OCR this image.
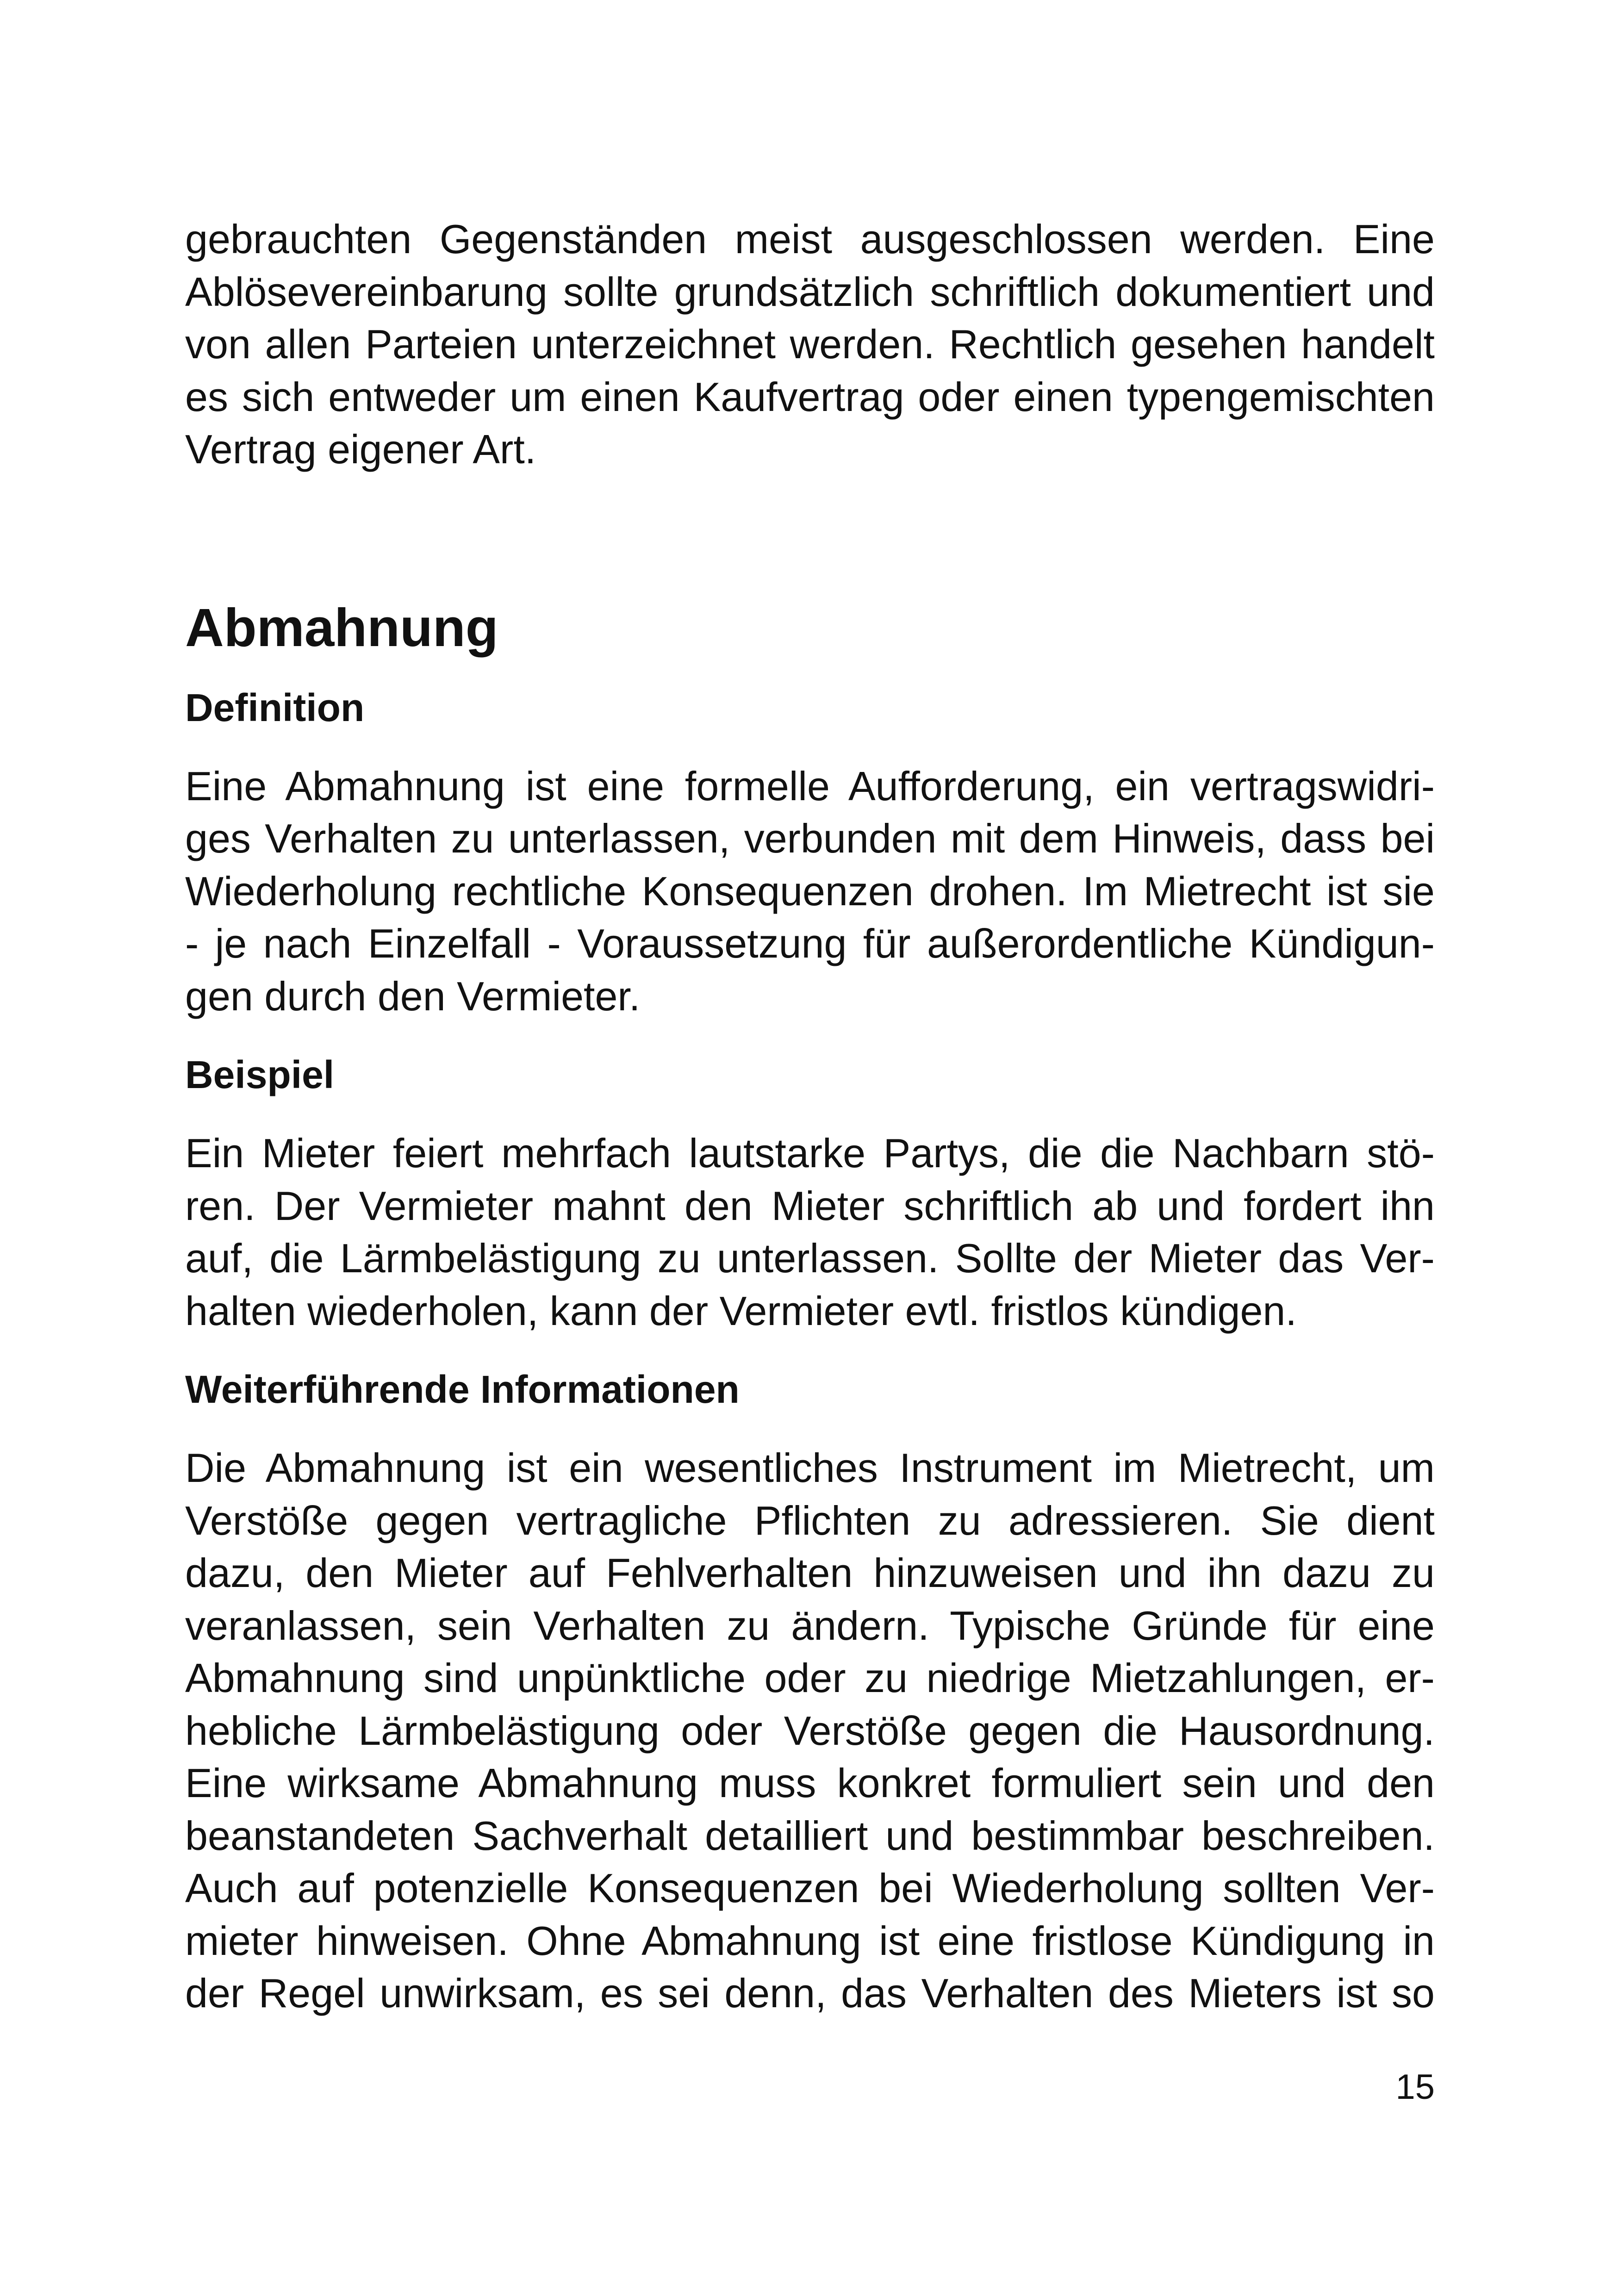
gebrauchten Gegenständen meist ausgeschlossen werden. Eine
Ablösevereinbarung sollte grundsätzlich schriftlich dokumentiert und
von allen Parteien unterzeichnet werden. Rechtlich gesehen handelt
es sich entweder um einen Kaufvertrag oder einen typengemischten
Vertrag eigener Art.

Abmahnung
Definition

Eine Abmahnung ist eine formelle Aufforderung, ein vertragswidri-
ges Verhalten zu unterlassen, verbunden mit dem Hinweis, dass bei
Wiederholung rechtliche Konsequenzen drohen. Im Mietrecht ist sie
- je nach Einzelfall - Voraussetzung für außerordentliche Kündigun-
gen durch den Vermieter.

Beispiel

Ein Mieter feiert mehrfach lautstarke Partys, die die Nachbarn stö-
ren. Der Vermieter mahnt den Mieter schriftlich ab und fordert ihn
auf, die Lärmbelästigung zu unterlassen. Sollte der Mieter das Ver-
halten wiederholen, kann der Vermieter evtl. fristlos kündigen.

Weiterführende Informationen

Die Abmahnung ist ein wesentliches Instrument im Mietrecht, um
Verstöße gegen vertragliche Pflichten zu adressieren. Sie dient
dazu, den Mieter auf Fehlverhalten hinzuweisen und ihn dazu zu
veranlassen, sein Verhalten zu ändern. Typische Gründe für eine
Abmahnung sind unpünktliche oder zu niedrige Mietzahlungen, er-
hebliche Lärmbelästigung oder Verstöße gegen die Hausordnung.
Eine wirksame Abmahnung muss konkret formuliert sein und den
beanstandeten Sachverhalt detailliert und bestimmbar beschreiben.
Auch auf potenzielle Konsequenzen bei Wiederholung sollten Ver-
mieter hinweisen. Ohne Abmahnung ist eine fristlose Kündigung in
der Regel unwirksam, es sei denn, das Verhalten des Mieters ist so

15
